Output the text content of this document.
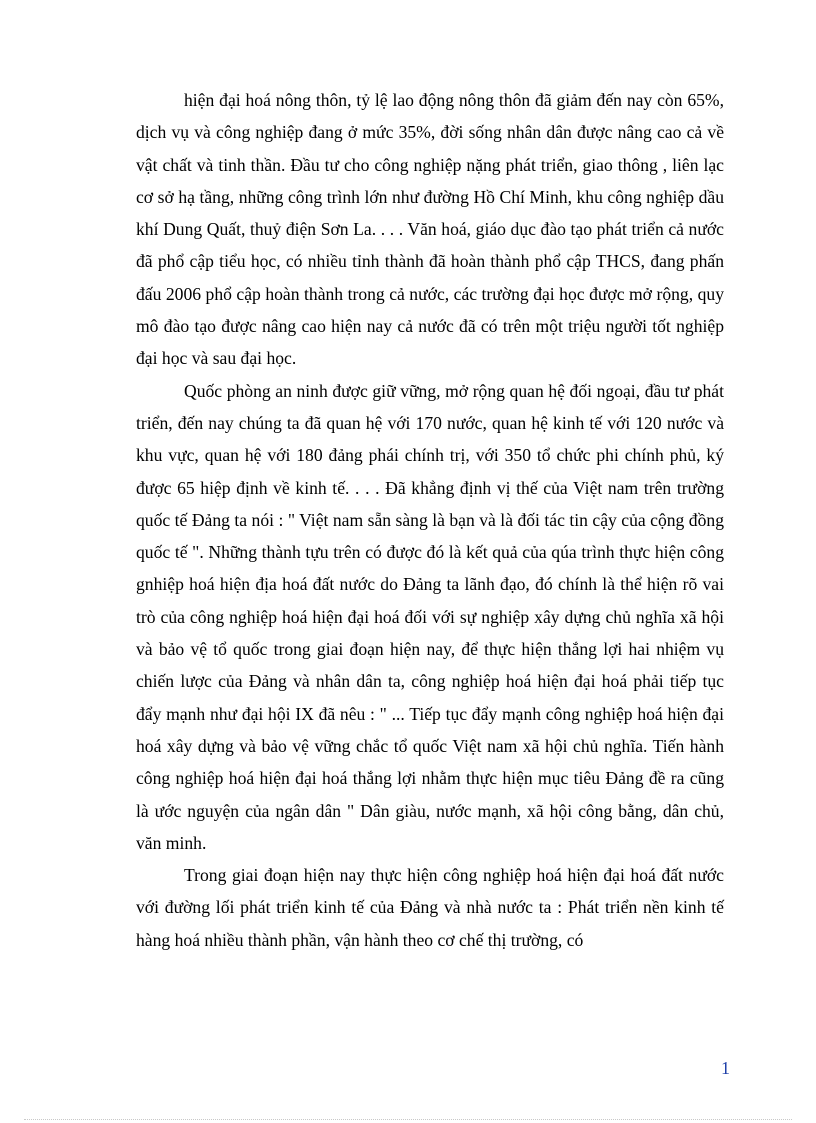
hiện đại hoá nông thôn, tỷ lệ lao động nông thôn đã giảm đến nay còn 65%, dịch vụ và công nghiệp đang ở mức 35%, đời sống nhân dân được nâng cao cả về vật chất và tinh thần. Đầu tư cho công nghiệp nặng phát triển, giao thông , liên lạc cơ sở hạ tầng, những công trình lớn như đường Hồ Chí Minh, khu công nghiệp dầu khí Dung Quất, thuỷ điện Sơn La. . . . Văn hoá, giáo dục đào tạo phát triển cả nước đã phổ cập tiểu học, có nhiều tỉnh thành đã hoàn thành phổ cập THCS, đang phấn đấu 2006 phổ cập hoàn thành trong cả nước, các trường đại học được mở rộng, quy mô đào tạo được nâng cao hiện nay cả nước đã có trên một triệu người tốt nghiệp đại học và sau đại học.

Quốc phòng an ninh được giữ vững, mở rộng quan hệ đối ngoại, đầu tư phát triển, đến nay chúng ta đã quan hệ với 170 nước, quan hệ kinh tế với 120 nước và khu vực, quan hệ với 180 đảng phái chính trị, với 350 tổ chức phi chính phủ, ký được 65 hiệp định về kinh tế. . . . Đã khẳng định vị thế của Việt nam trên trường quốc tế Đảng ta nói : " Việt nam sẵn sàng là bạn và là đối tác tin cậy của cộng đồng quốc tế ". Những thành tựu trên có được đó là kết quả của qúa trình thực hiện công gnhiệp hoá hiện địa hoá đất nước do Đảng ta lãnh đạo, đó chính là thể hiện rõ vai trò của công nghiệp hoá hiện đại hoá đối với sự nghiệp xây dựng chủ nghĩa xã hội và bảo vệ tổ quốc trong giai đoạn hiện nay, để thực hiện thắng lợi hai nhiệm vụ chiến lược của Đảng và nhân dân ta, công nghiệp hoá hiện đại hoá phải tiếp tục đẩy mạnh như đại hội IX đã nêu : " ... Tiếp tục đẩy mạnh công nghiệp hoá hiện đại hoá xây dựng và bảo vệ vững chắc tổ quốc Việt nam xã hội chủ nghĩa. Tiến hành công nghiệp hoá hiện đại hoá thắng lợi nhằm thực hiện mục tiêu Đảng đề ra cũng là ước nguyện của ngân dân " Dân giàu, nước mạnh, xã hội công bằng, dân chủ, văn minh.

Trong giai đoạn hiện nay thực hiện công nghiệp hoá hiện đại hoá đất nước với đường lối phát triển kinh tế của Đảng và nhà nước ta : Phát triển nền kinh tế hàng hoá nhiều thành phần, vận hành theo cơ chế thị trường, có

1
